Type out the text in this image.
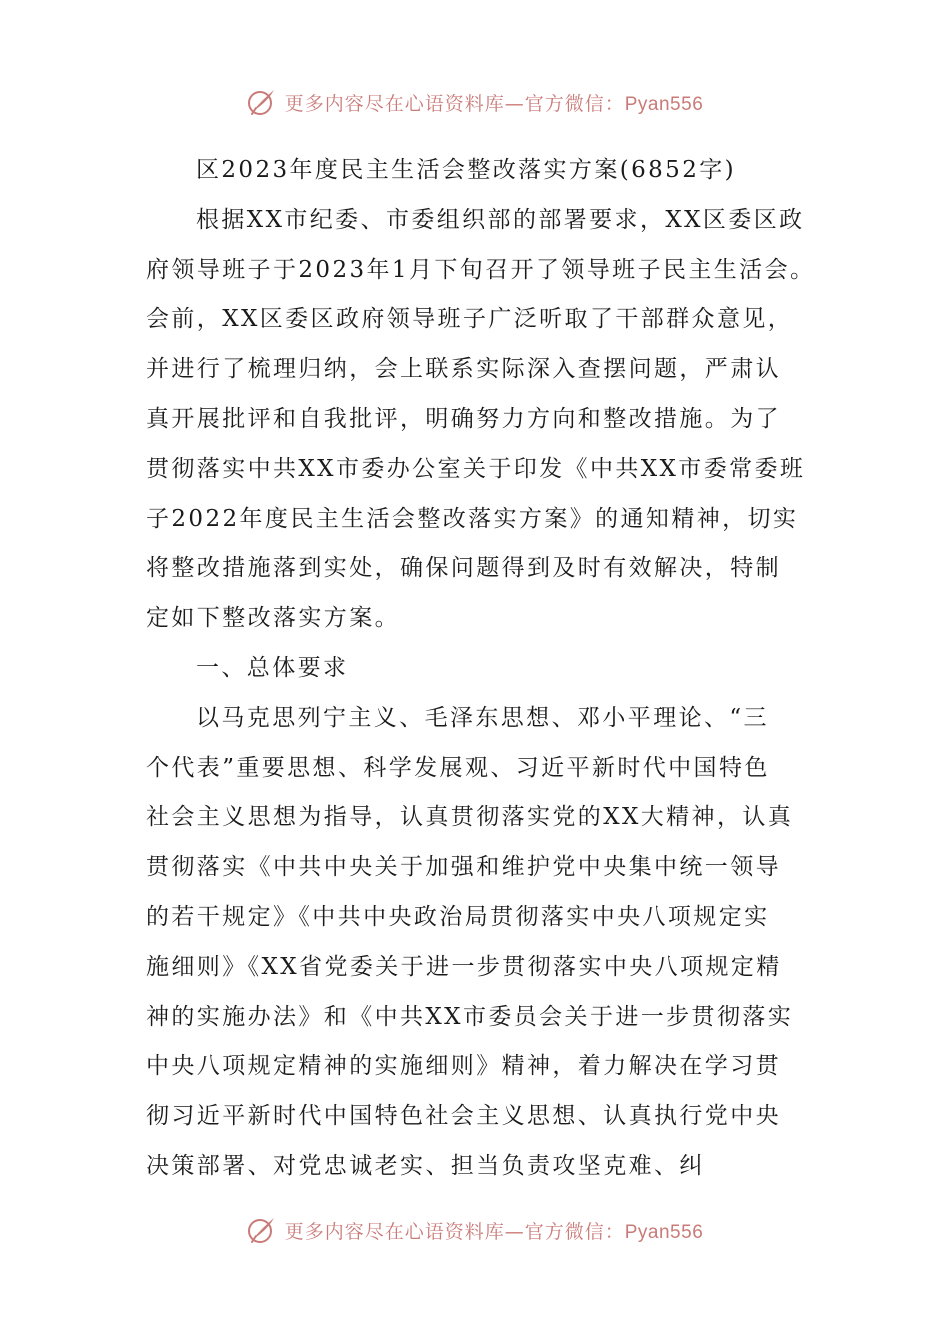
更多内容尽在心语资料库—官方微信：Pyan556
区2023年度民主生活会整改落实方案(6852字)
根据XX市纪委、市委组织部的部署要求，XX区委区政
府领导班子于2023年1月下旬召开了领导班子民主生活会。
会前，XX区委区政府领导班子广泛听取了干部群众意见，
并进行了梳理归纳，会上联系实际深入查摆问题，严肃认
真开展批评和自我批评，明确努力方向和整改措施。为了
贯彻落实中共XX市委办公室关于印发《中共XX市委常委班
子2022年度民主生活会整改落实方案》的通知精神，切实
将整改措施落到实处，确保问题得到及时有效解决，特制
定如下整改落实方案。
一、总体要求
以马克思列宁主义、毛泽东思想、邓小平理论、“三
个代表”重要思想、科学发展观、习近平新时代中国特色
社会主义思想为指导，认真贯彻落实党的XX大精神，认真
贯彻落实《中共中央关于加强和维护党中央集中统一领导
的若干规定》《中共中央政治局贯彻落实中央八项规定实
施细则》《XX省党委关于进一步贯彻落实中央八项规定精
神的实施办法》和《中共XX市委员会关于进一步贯彻落实
中央八项规定精神的实施细则》精神，着力解决在学习贯
彻习近平新时代中国特色社会主义思想、认真执行党中央
决策部署、对党忠诚老实、担当负责攻坚克难、纠
更多内容尽在心语资料库—官方微信：Pyan556
